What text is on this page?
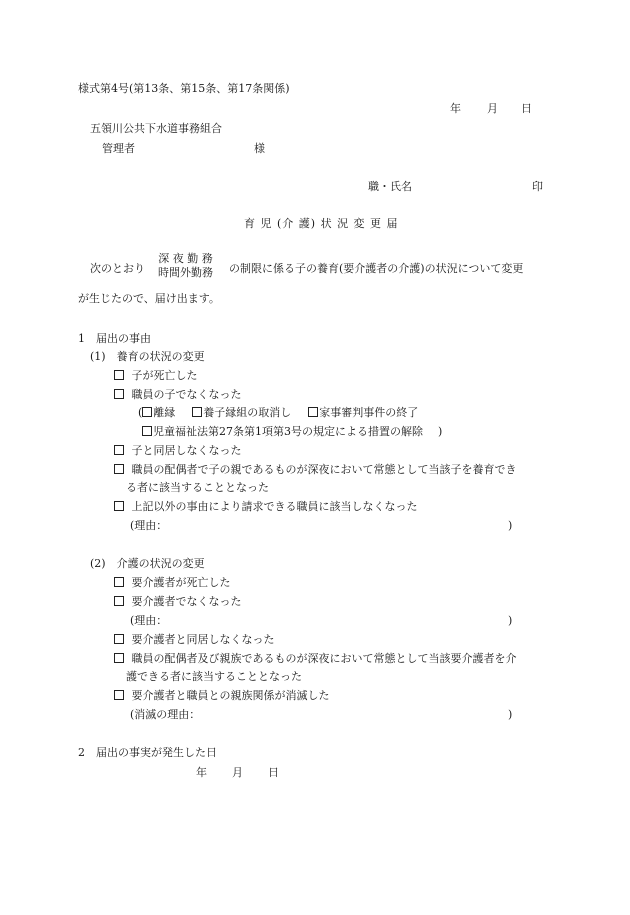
様式第4号(第13条、第15条、第17条関係)
年 月 日
五領川公共下水道事務組合
管理者	様
職・氏名	印
育 児 (介 護) 状 況 変 更 届
次のとおり
深 夜 勤 務
時間外勤務 の制限に係る子の養育(要介護者の介護)の状況について変更
が生じたので、届け出ます。
1　届出の事由
(1)　養育の状況の変更
子が死亡した
職員の子でなくなった
( 離縁	養子縁組の取消し	家事審判事件の終了
児童福祉法第27条第1項第3号の規定による措置の解除 )
子と同居しなくなった
職員の配偶者で子の親であるものが深夜において常態として当該子を養育でき
る者に該当することとなった
上記以外の事由により請求できる職員に該当しなくなった
(理由：	)
(2)　介護の状況の変更
要介護者が死亡した
要介護者でなくなった
(理由：	)
要介護者と同居しなくなった
職員の配偶者及び親族であるものが深夜において常態として当該要介護者を介
護できる者に該当することとなった
要介護者と職員との親族関係が消滅した
(消滅の理由：	)
2　届出の事実が発生した日
年 月 日
